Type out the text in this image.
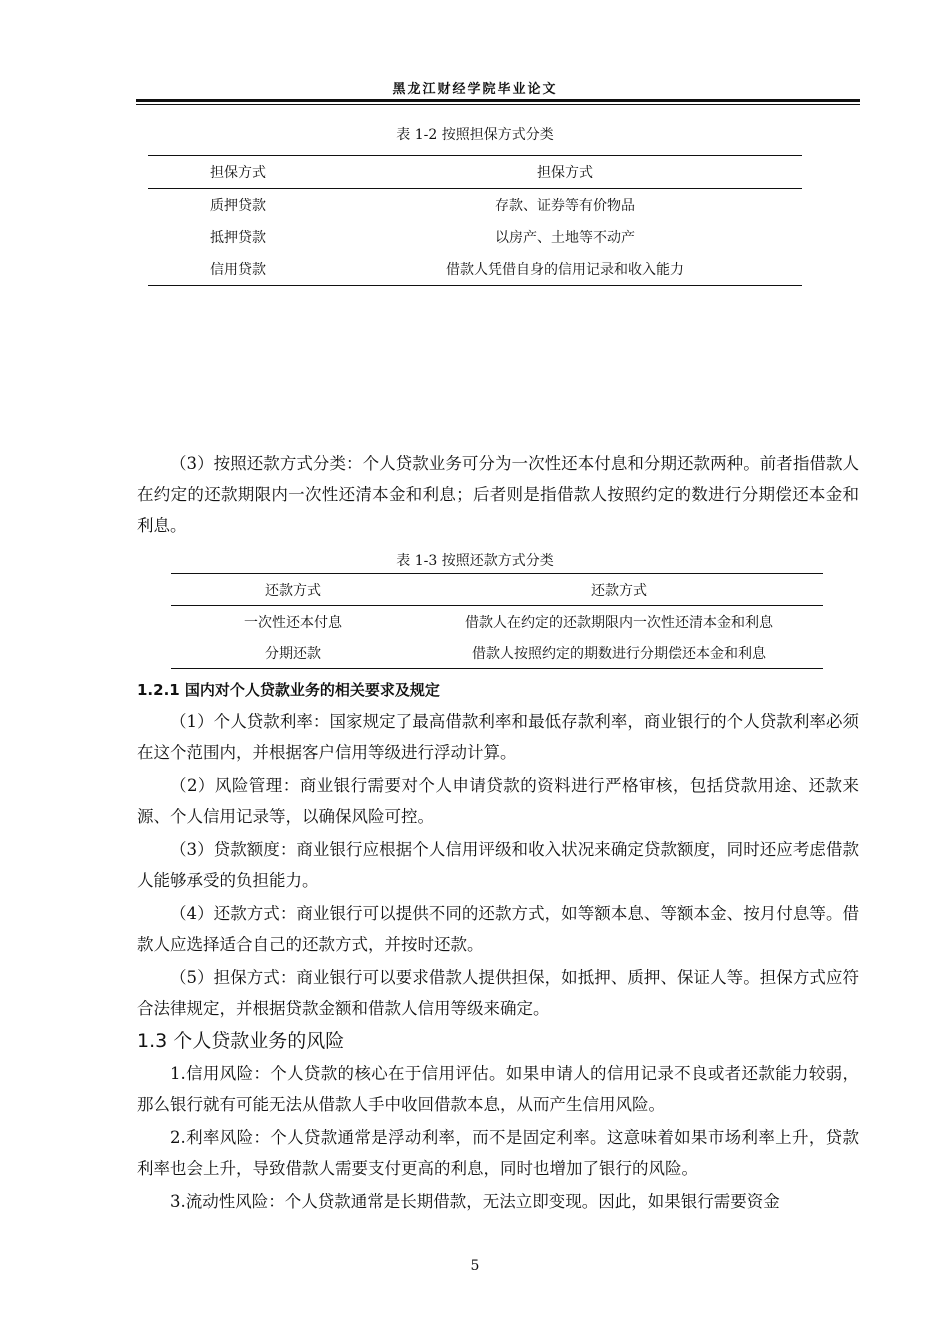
黑龙江财经学院毕业论文
表 1-2 按照担保方式分类
担保方式	担保方式
质押贷款	存款、证券等有价物品
抵押贷款	以房产、土地等不动产
信用贷款	借款人凭借自身的信用记录和收入能力

（3）按照还款方式分类：个人贷款业务可分为一次性还本付息和分期还款两种。前者指借款人在约定的还款期限内一次性还清本金和利息；后者则是指借款人按照约定的数进行分期偿还本金和利息。

表 1-3 按照还款方式分类
还款方式	还款方式
一次性还本付息	借款人在约定的还款期限内一次性还清本金和利息
分期还款	借款人按照约定的期数进行分期偿还本金和利息
1.2.1 国内对个人贷款业务的相关要求及规定

（1）个人贷款利率：国家规定了最高借款利率和最低存款利率，商业银行的个人贷款利率必须在这个范围内，并根据客户信用等级进行浮动计算。

（2）风险管理：商业银行需要对个人申请贷款的资料进行严格审核，包括贷款用途、还款来源、个人信用记录等，以确保风险可控。

（3）贷款额度：商业银行应根据个人信用评级和收入状况来确定贷款额度，同时还应考虑借款人能够承受的负担能力。

（4）还款方式：商业银行可以提供不同的还款方式，如等额本息、等额本金、按月付息等。借款人应选择适合自己的还款方式，并按时还款。

（5）担保方式：商业银行可以要求借款人提供担保，如抵押、质押、保证人等。担保方式应符合法律规定，并根据贷款金额和借款人信用等级来确定。

1.3 个人贷款业务的风险

1.信用风险：个人贷款的核心在于信用评估。如果申请人的信用记录不良或者还款能力较弱，那么银行就有可能无法从借款人手中收回借款本息，从而产生信用风险。

2.利率风险：个人贷款通常是浮动利率，而不是固定利率。这意味着如果市场利率上升，贷款利率也会上升，导致借款人需要支付更高的利息，同时也增加了银行的风险。

3.流动性风险：个人贷款通常是长期借款，无法立即变现。因此，如果银行需要资金

5
